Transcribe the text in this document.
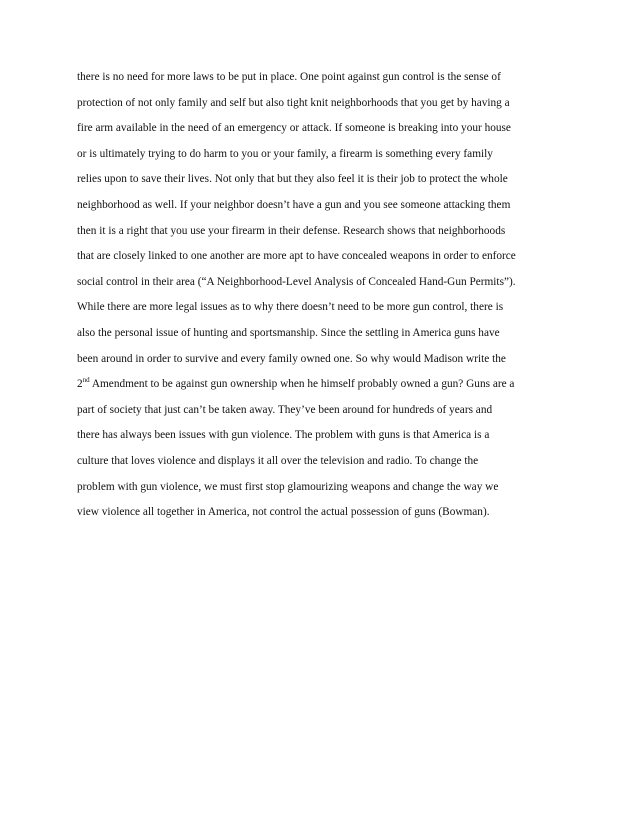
there is no need for more laws to be put in place. One point against gun control is the sense of
protection of not only family and self but also tight knit neighborhoods that you get by having a
fire arm available in the need of an emergency or attack. If someone is breaking into your house
or is ultimately trying to do harm to you or your family, a firearm is something every family
relies upon to save their lives. Not only that but they also feel it is their job to protect the whole
neighborhood as well. If your neighbor doesn’t have a gun and you see someone attacking them
then it is a right that you use your firearm in their defense. Research shows that neighborhoods
that are closely linked to one another are more apt to have concealed weapons in order to enforce
social control in their area (“A Neighborhood-Level Analysis of Concealed Hand-Gun Permits”).
While there are more legal issues as to why there doesn’t need to be more gun control, there is
also the personal issue of hunting and sportsmanship. Since the settling in America guns have
been around in order to survive and every family owned one. So why would Madison write the
2nd Amendment to be against gun ownership when he himself probably owned a gun? Guns are a
part of society that just can’t be taken away. They’ve been around for hundreds of years and
there has always been issues with gun violence. The problem with guns is that America is a
culture that loves violence and displays it all over the television and radio. To change the
problem with gun violence, we must first stop glamourizing weapons and change the way we
view violence all together in America, not control the actual possession of guns (Bowman).
